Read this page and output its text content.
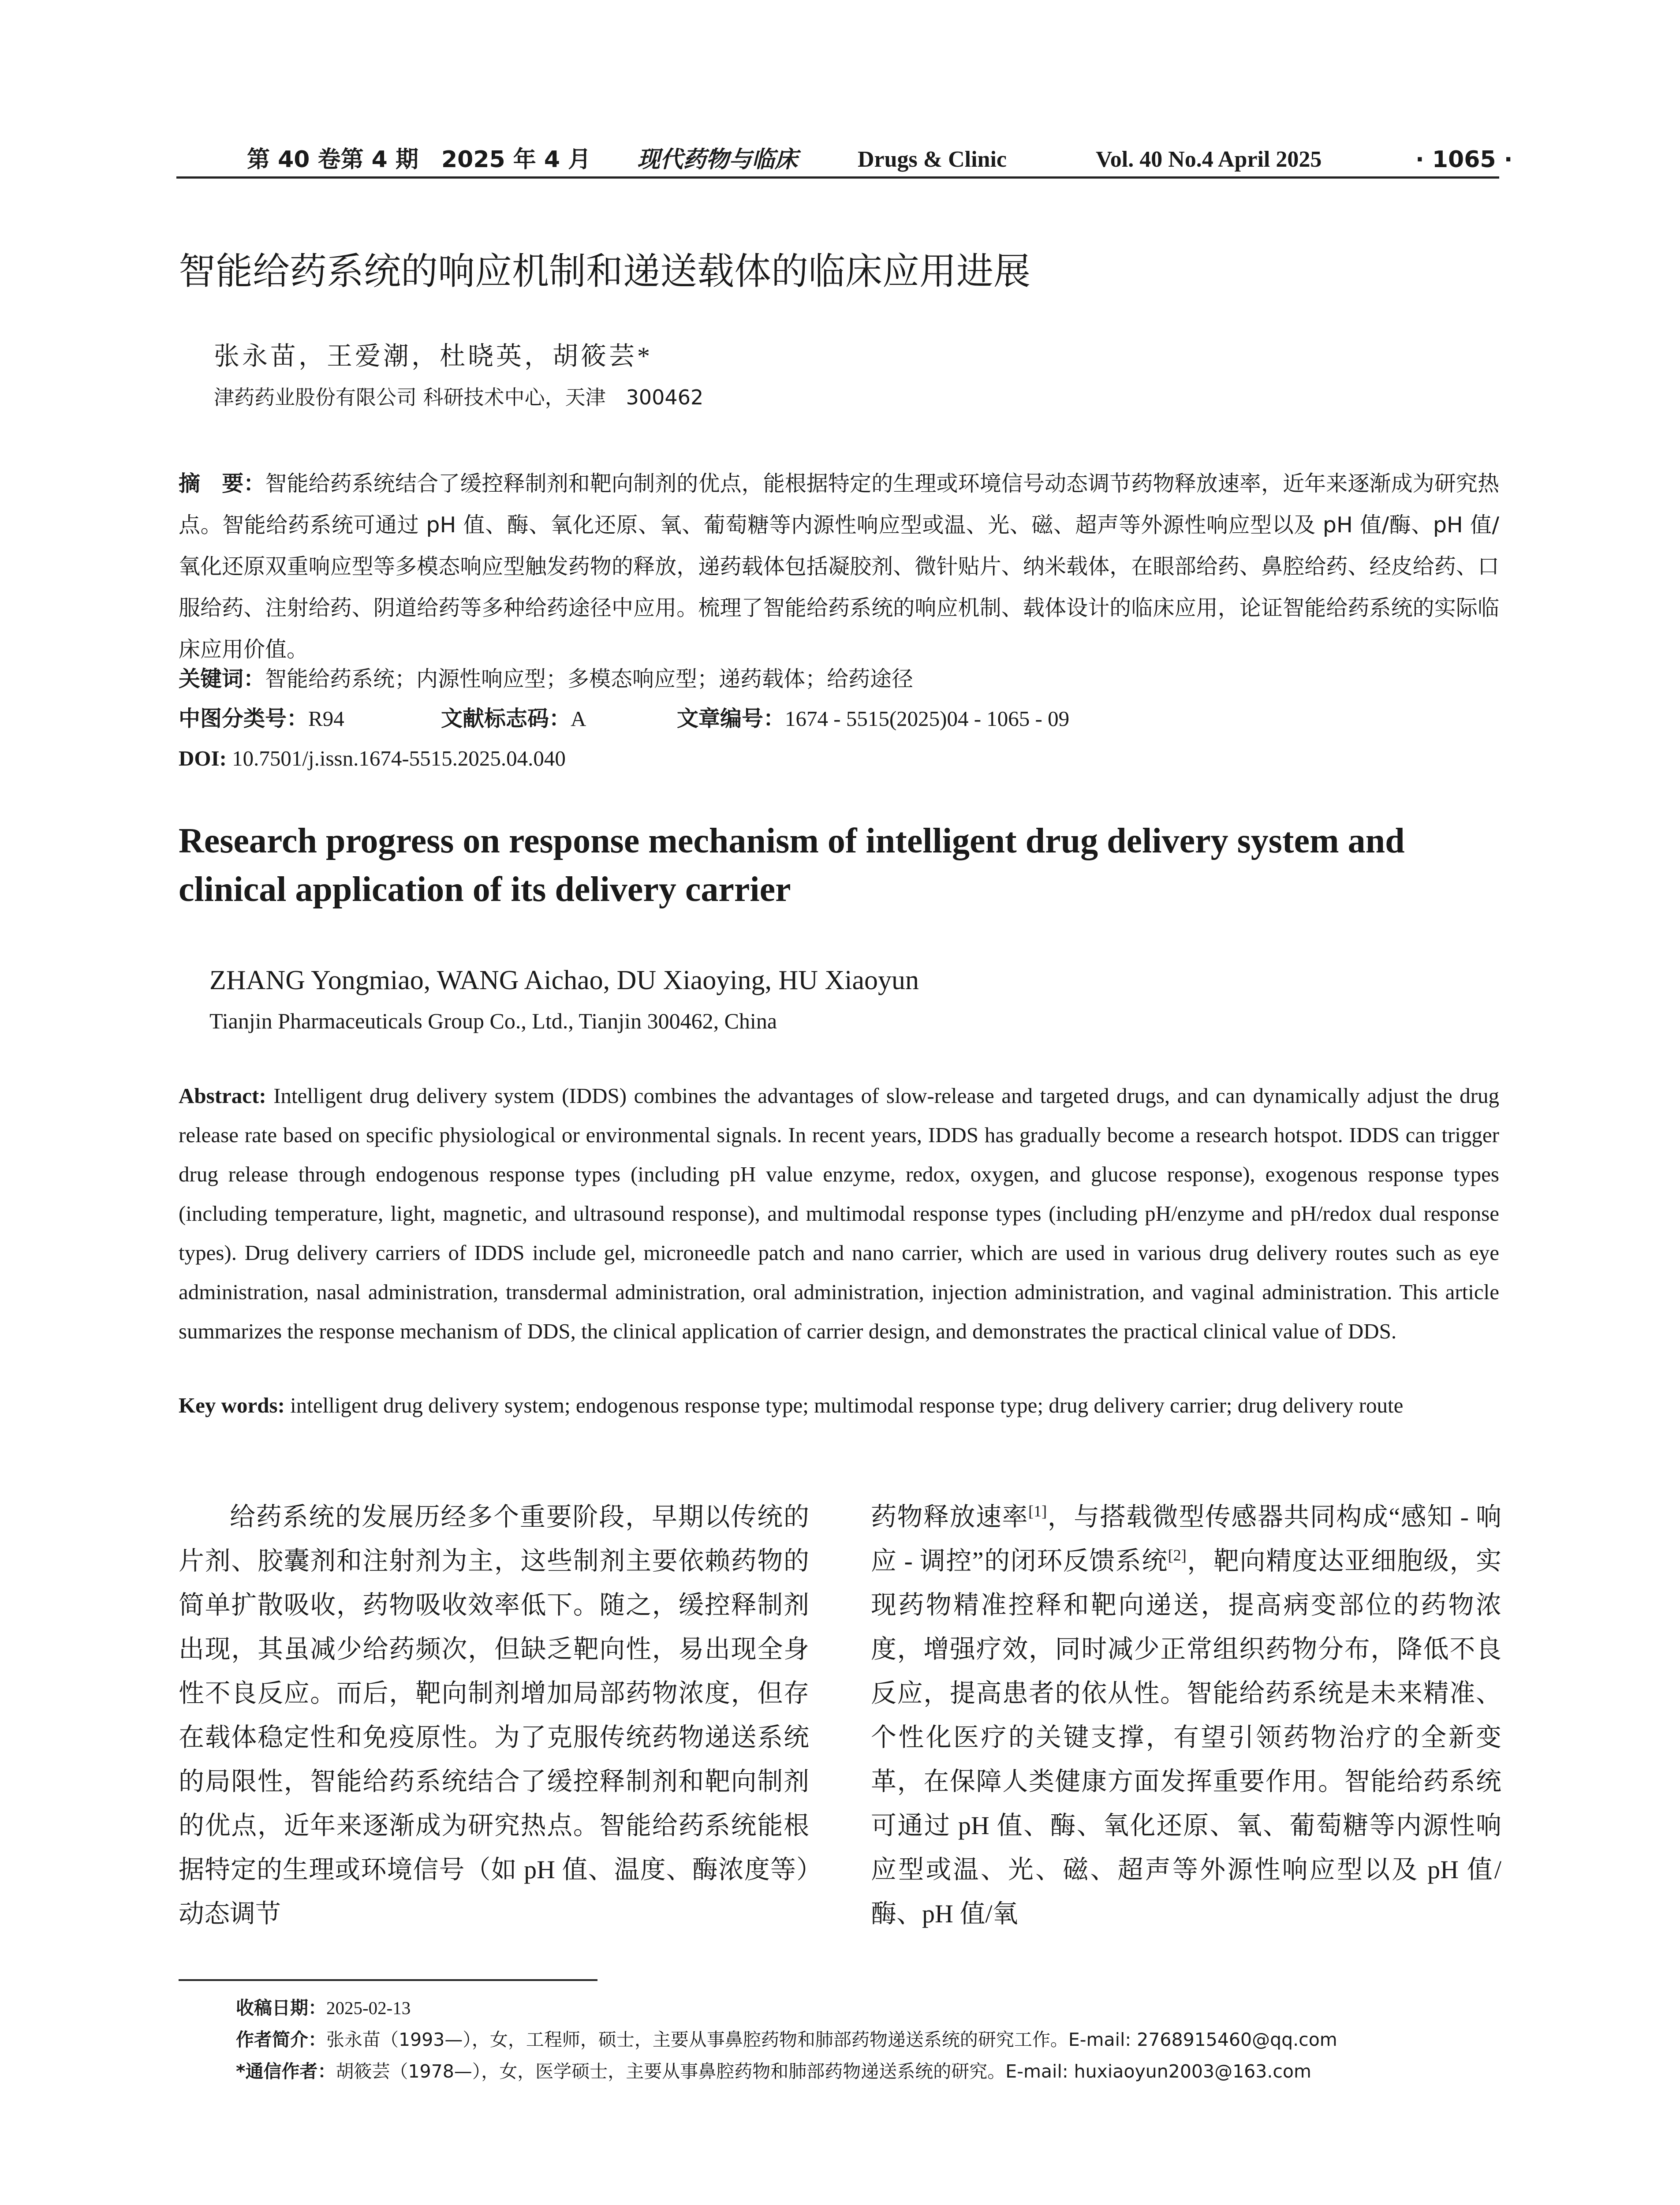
第 40 卷第 4 期　2025 年 4 月 现代药物与临床	Drugs & Clinic	Vol. 40 No.4 April 2025	· 1065 ·
智能给药系统的响应机制和递送载体的临床应用进展
张永苗，王爱潮，杜晓英，胡筱芸*
津药药业股份有限公司 科研技术中心，天津　300462
摘　要：智能给药系统结合了缓控释制剂和靶向制剂的优点，能根据特定的生理或环境信号动态调节药物释放速率，近年来逐渐成为研究热点。智能给药系统可通过 pH 值、酶、氧化还原、氧、葡萄糖等内源性响应型或温、光、磁、超声等外源性响应型以及 pH 值/酶、pH 值/氧化还原双重响应型等多模态响应型触发药物的释放，递药载体包括凝胶剂、微针贴片、纳米载体，在眼部给药、鼻腔给药、经皮给药、口服给药、注射给药、阴道给药等多种给药途径中应用。梳理了智能给药系统的响应机制、载体设计的临床应用，论证智能给药系统的实际临床应用价值。
关键词：智能给药系统；内源性响应型；多模态响应型；递药载体；给药途径
中图分类号：R94	文献标志码：A	文章编号：1674 - 5515(2025)04 - 1065 - 09
DOI: 10.7501/j.issn.1674-5515.2025.04.040
Research progress on response mechanism of intelligent drug delivery system and clinical application of its delivery carrier
ZHANG Yongmiao, WANG Aichao, DU Xiaoying, HU Xiaoyun
Tianjin Pharmaceuticals Group Co., Ltd., Tianjin 300462, China
Abstract: Intelligent drug delivery system (IDDS) combines the advantages of slow-release and targeted drugs, and can dynamically adjust the drug release rate based on specific physiological or environmental signals. In recent years, IDDS has gradually become a research hotspot. IDDS can trigger drug release through endogenous response types (including pH value enzyme, redox, oxygen, and glucose response), exogenous response types (including temperature, light, magnetic, and ultrasound response), and multimodal response types (including pH/enzyme and pH/redox dual response types). Drug delivery carriers of IDDS include gel, microneedle patch and nano carrier, which are used in various drug delivery routes such as eye administration, nasal administration, transdermal administration, oral administration, injection administration, and vaginal administration. This article summarizes the response mechanism of DDS, the clinical application of carrier design, and demonstrates the practical clinical value of DDS.
Key words: intelligent drug delivery system; endogenous response type; multimodal response type; drug delivery carrier; drug delivery route
给药系统的发展历经多个重要阶段，早期以传统的片剂、胶囊剂和注射剂为主，这些制剂主要依赖药物的简单扩散吸收，药物吸收效率低下。随之，缓控释制剂出现，其虽减少给药频次，但缺乏靶向性，易出现全身性不良反应。而后，靶向制剂增加局部药物浓度，但存在载体稳定性和免疫原性。为了克服传统药物递送系统的局限性，智能给药系统结合了缓控释制剂和靶向制剂的优点，近年来逐渐成为研究热点。智能给药系统能根据特定的生理或环境信号（如 pH 值、温度、酶浓度等）动态调节
药物释放速率[1]，与搭载微型传感器共同构成“感知 - 响应 - 调控”的闭环反馈系统[2]，靶向精度达亚细胞级，实现药物精准控释和靶向递送，提高病变部位的药物浓度，增强疗效，同时减少正常组织药物分布，降低不良反应，提高患者的依从性。智能给药系统是未来精准、个性化医疗的关键支撑，有望引领药物治疗的全新变革，在保障人类健康方面发挥重要作用。智能给药系统可通过 pH 值、酶、氧化还原、氧、葡萄糖等内源性响应型或温、光、磁、超声等外源性响应型以及 pH 值/酶、pH 值/氧
收稿日期：2025-02-13
作者简介：张永苗（1993—），女，工程师，硕士，主要从事鼻腔药物和肺部药物递送系统的研究工作。E-mail: 2768915460@qq.com
*通信作者：胡筱芸（1978—），女，医学硕士，主要从事鼻腔药物和肺部药物递送系统的研究。E-mail: huxiaoyun2003@163.com
